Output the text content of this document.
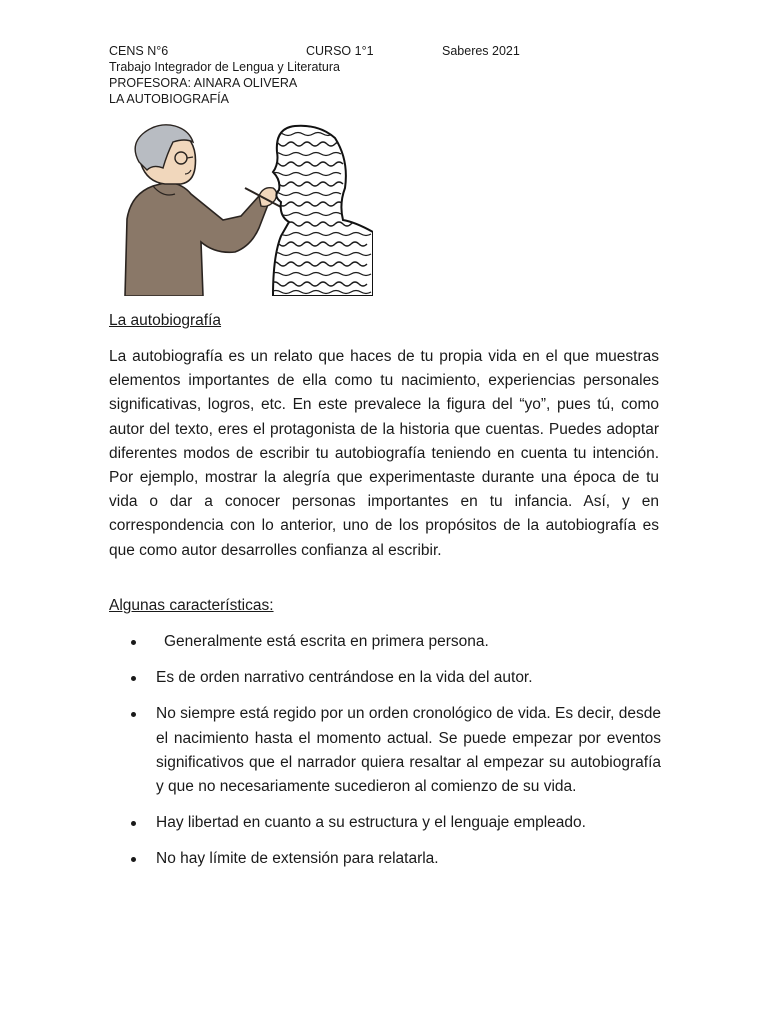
CENS N°6	CURSO 1°1	Saberes 2021
Trabajo Integrador de Lengua y Literatura
PROFESORA: AINARA OLIVERA
LA AUTOBIOGRAFÍA
La autobiografía

La autobiografía es un relato que haces de tu propia vida en el que muestras elementos importantes de ella como tu nacimiento, experiencias personales significativas, logros, etc. En este prevalece la figura del “yo”, pues tú, como autor del texto, eres el protagonista de la historia que cuentas. Puedes adoptar diferentes modos de escribir tu autobiografía teniendo en cuenta tu intención. Por ejemplo, mostrar la alegría que experimentaste durante una época de tu vida o dar a conocer personas importantes en tu infancia. Así, y en correspondencia con lo anterior, uno de los propósitos de la autobiografía es que como autor desarrolles confianza al escribir.

Algunas características:
Generalmente está escrita en primera persona.
Es de orden narrativo centrándose en la vida del autor.
No siempre está regido por un orden cronológico de vida. Es decir, desde el nacimiento hasta el momento actual. Se puede empezar por eventos significativos que el narrador quiera resaltar al empezar su autobiografía y que no necesariamente sucedieron al comienzo de su vida.
Hay libertad en cuanto a su estructura y el lenguaje empleado.
No hay límite de extensión para relatarla.
